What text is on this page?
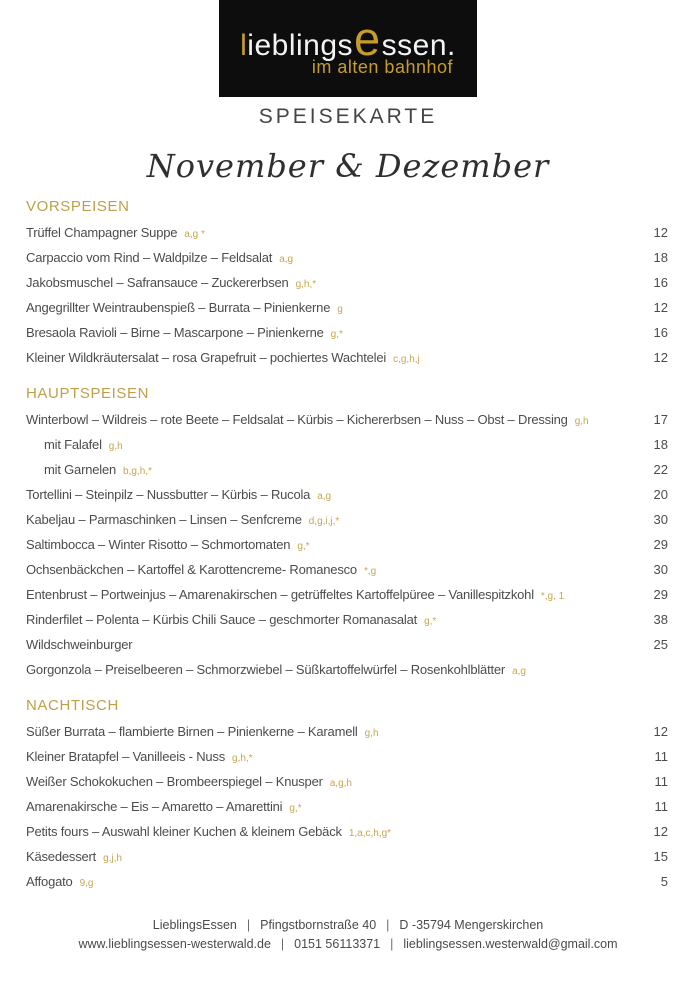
l ieblings e ssen.
im alten bahnhof
SPEISEKARTE
November & Dezember
VORSPEISEN
Trüffel Champagner Suppe a,g *	12
Carpaccio vom Rind – Waldpilze – Feldsalat a,g	18
Jakobsmuschel – Safransauce – Zuckererbsen g,h,*	16
Angegrillter Weintraubenspieß – Burrata – Pinienkerne g	12
Bresaola Ravioli – Birne – Mascarpone – Pinienkerne g,*	16
Kleiner Wildkräutersalat – rosa Grapefruit – pochiertes Wachtelei c,g,h,j	12
HAUPTSPEISEN
Winterbowl – Wildreis – rote Beete – Feldsalat – Kürbis – Kichererbsen – Nuss – Obst – Dressing g,h	17
mit Falafel g,h	18
mit Garnelen b,g,h,*	22
Tortellini – Steinpilz – Nussbutter – Kürbis – Rucola a,g	20
Kabeljau – Parmaschinken – Linsen – Senfcreme d,g,i,j,*	30
Saltimbocca – Winter Risotto – Schmortomaten g,*	29
Ochsenbäckchen – Kartoffel & Karottencreme- Romanesco *,g	30
Entenbrust – Portweinjus – Amarenakirschen – getrüffeltes Kartoffelpüree – Vanillespitzkohl *,g, 1	29
Rinderfilet – Polenta – Kürbis Chili Sauce – geschmorter Romanasalat g,*	38
Wildschweinburger	25
Gorgonzola – Preiselbeeren – Schmorzwiebel – Süßkartoffelwürfel – Rosenkohlblätter a,g
NACHTISCH
Süßer Burrata – flambierte Birnen – Pinienkerne – Karamell g,h	12
Kleiner Bratapfel – Vanilleeis - Nuss g,h,*	11
Weißer Schokokuchen – Brombeerspiegel – Knusper a,g,h	11
Amarenakirsche – Eis – Amaretto – Amarettini g,*	11
Petits fours – Auswahl kleiner Kuchen & kleinem Gebäck 1,a,c,h,g*	12
Käsedessert g,j,h	15
Affogato 9,g	5
LieblingsEssen | Pfingstbornstraße 40 | D -35794 Mengerskirchen
www.lieblingsessen-westerwald.de | 0151 56113371 | lieblingsessen.westerwald@gmail.com
